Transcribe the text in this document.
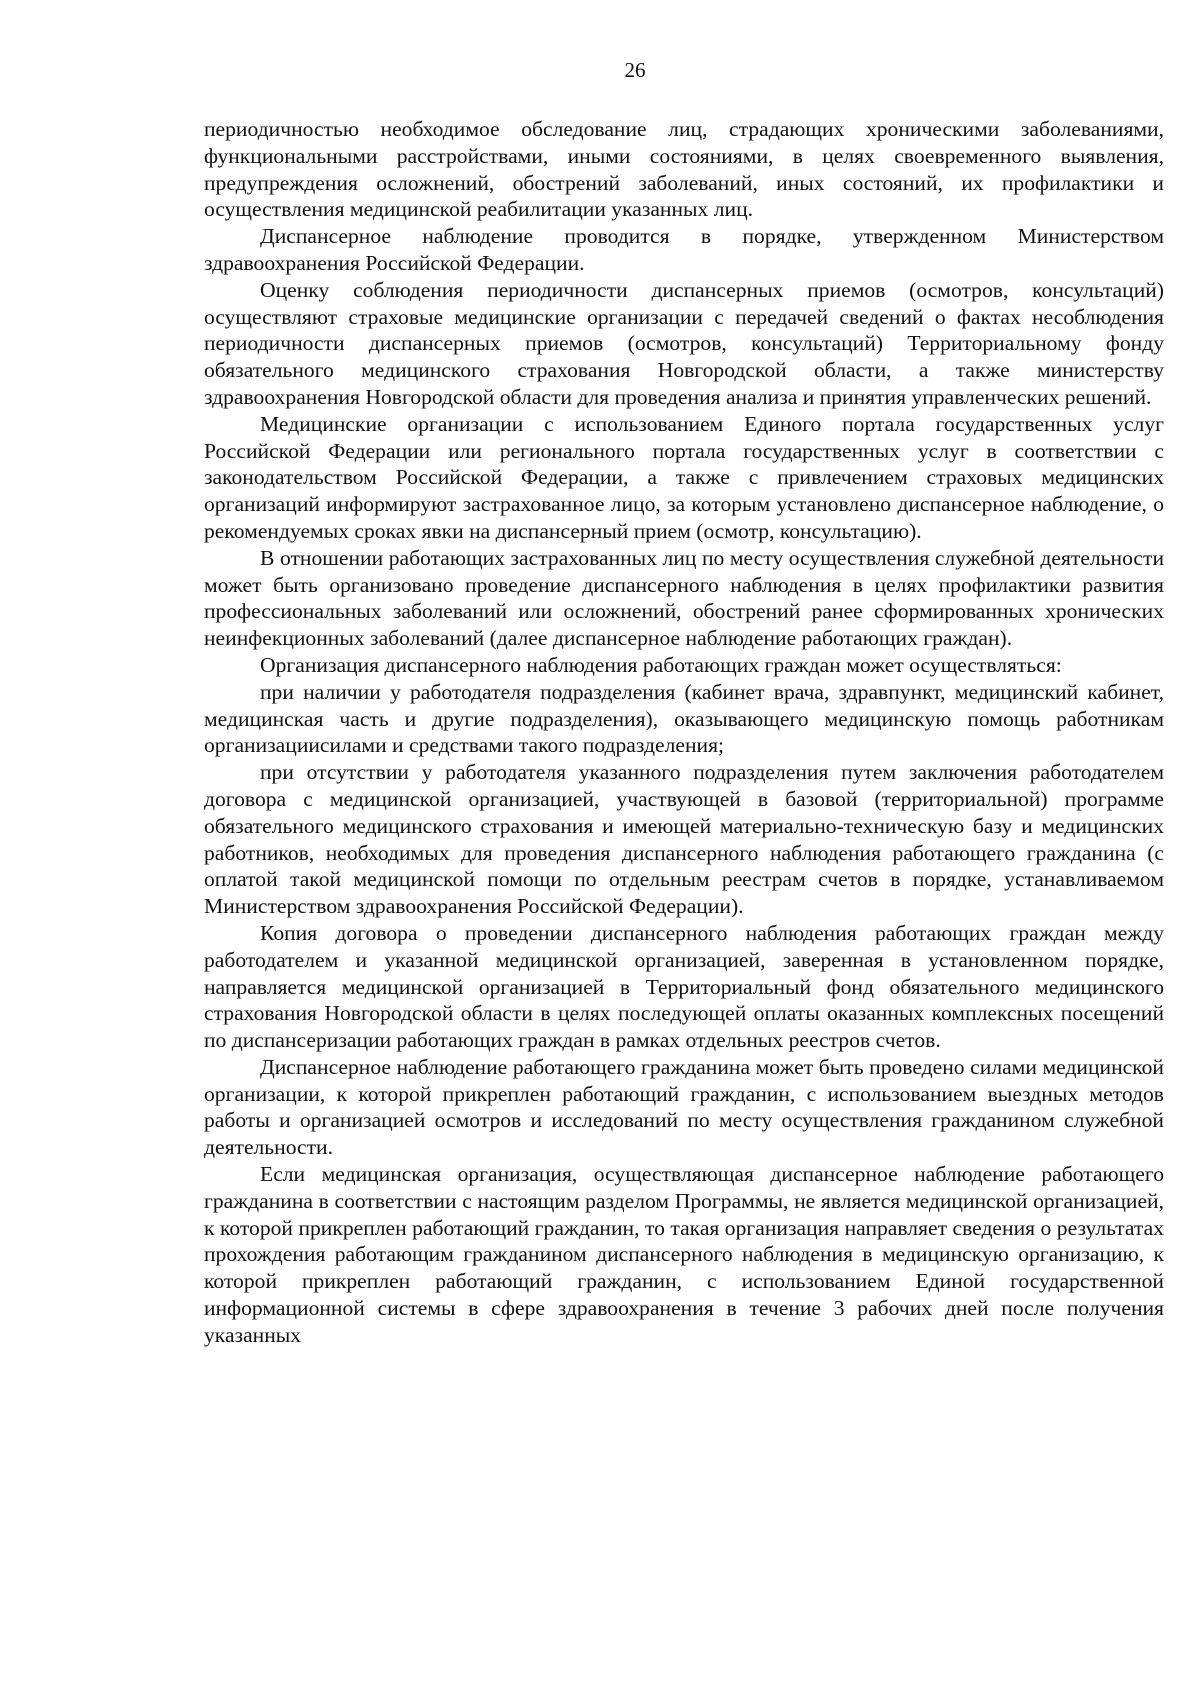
26

периодичностью необходимое обследование лиц, страдающих хроническими заболеваниями, функциональными расстройствами, иными состояниями, в целях своевременного выявления, предупреждения осложнений, обострений заболеваний, иных состояний, их профилактики и осуществления медицинской реабилитации указанных лиц.

Диспансерное наблюдение проводится в порядке, утвержденном Министерством здравоохранения Российской Федерации.

Оценку соблюдения периодичности диспансерных приемов (осмотров, консультаций) осуществляют страховые медицинские организации с передачей сведений о фактах несоблюдения периодичности диспансерных приемов (осмотров, консультаций) Территориальному фонду обязательного медицинского страхования Новгородской области, а также министерству здравоохранения Новгородской области для проведения анализа и принятия управленческих решений.

Медицинские организации с использованием Единого портала государственных услуг Российской Федерации или регионального портала государственных услуг в соответствии с законодательством Российской Федерации, а также с привлечением страховых медицинских организаций информируют застрахованное лицо, за которым установлено диспансерное наблюдение, о рекомендуемых сроках явки на диспансерный прием (осмотр, консультацию).

В отношении работающих застрахованных лиц по месту осуществления служебной деятельности может быть организовано проведение диспансерного наблюдения в целях профилактики развития профессиональных заболеваний или осложнений, обострений ранее сформированных хронических неинфекционных заболеваний (далее диспансерное наблюдение работающих граждан).

Организация диспансерного наблюдения работающих граждан может осуществляться:

при наличии у работодателя подразделения (кабинет врача, здравпункт, медицинский кабинет, медицинская часть и другие подразделения), оказывающего медицинскую помощь работникам организацииcилами и средствами такого подразделения;

при отсутствии у работодателя указанного подразделения путем заключения работодателем договора с медицинской организацией, участвующей в базовой (территориальной) программе обязательного медицинского страхования и имеющей материально-техническую базу и медицинских работников, необходимых для проведения диспансерного наблюдения работающего гражданина (с оплатой такой медицинской помощи по отдельным реестрам счетов в порядке, устанавливаемом Министерством здравоохранения Российской Федерации).

Копия договора о проведении диспансерного наблюдения работающих граждан между работодателем и указанной медицинской организацией, заверенная в установленном порядке, направляется медицинской организацией в Территориальный фонд обязательного медицинского страхования Новгородской области в целях последующей оплаты оказанных комплексных посещений по диспансеризации работающих граждан в рамках отдельных реестров счетов.

Диспансерное наблюдение работающего гражданина может быть проведено силами медицинской организации, к которой прикреплен работающий гражданин, с использованием выездных методов работы и организацией осмотров и исследований по месту осуществления гражданином служебной деятельности.

Если медицинская организация, осуществляющая диспансерное наблюдение работающего гражданина в соответствии с настоящим разделом Программы, не является медицинской организацией, к которой прикреплен работающий гражданин, то такая организация направляет сведения о результатах прохождения работающим гражданином диспансерного наблюдения в медицинскую организацию, к которой прикреплен работающий гражданин, с использованием Единой государственной информационной системы в сфере здравоохранения в течение 3 рабочих дней после получения указанных
